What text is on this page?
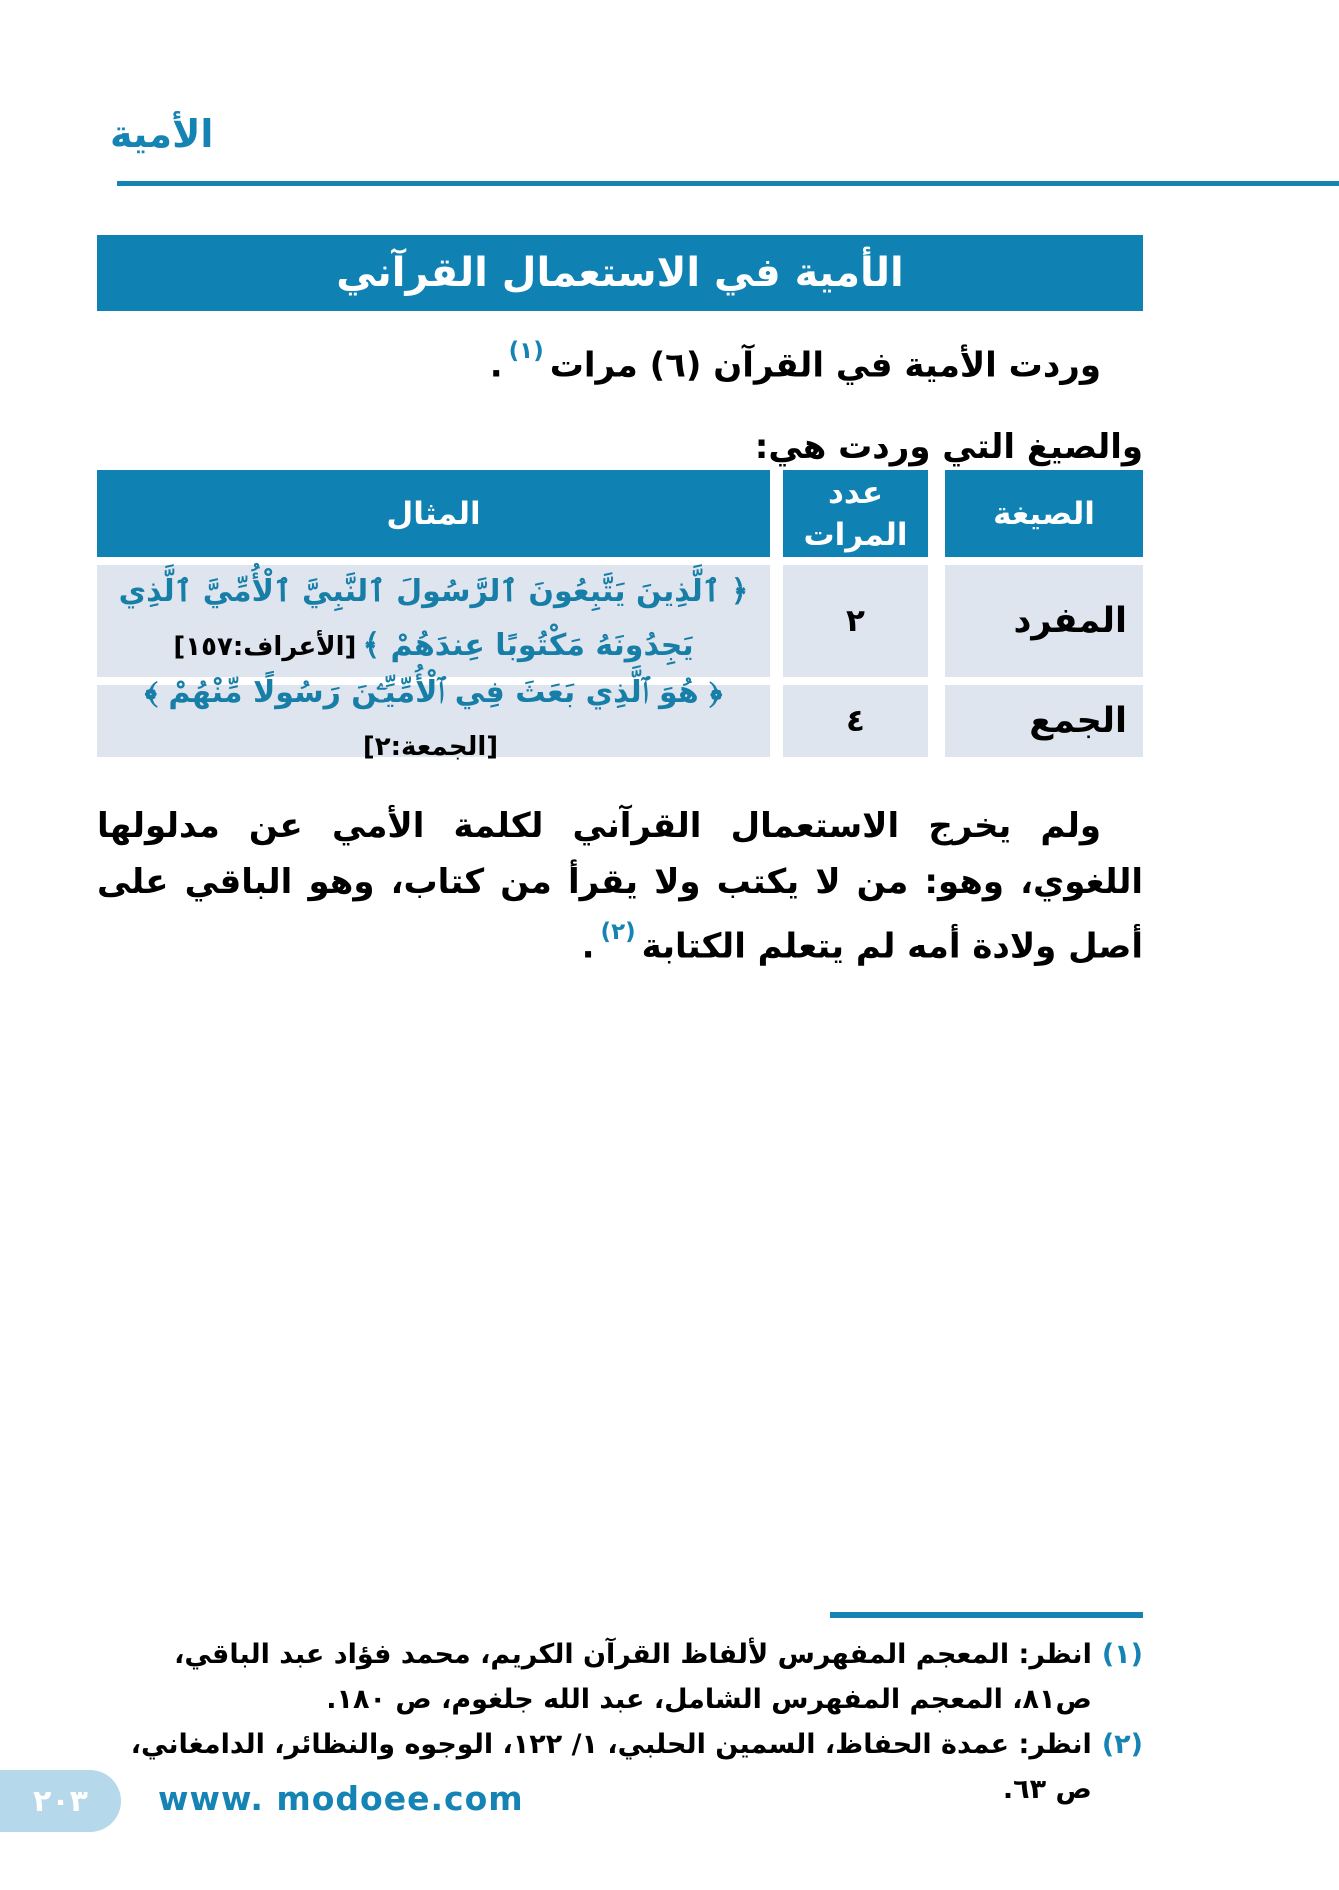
الأمية
الأمية في الاستعمال القرآني
وردت الأمية في القرآن (٦) مرات$^{(١)}$.
والصيغ التي وردت هي:
الصيغة
عدد المرات
المثال
المفرد
٢
﴿ ٱلَّذِينَ يَتَّبِعُونَ ٱلرَّسُولَ ٱلنَّبِيَّ ٱلْأُمِّيَّ ٱلَّذِي يَجِدُونَهُ مَكْتُوبًا عِندَهُمْ ﴾[الأعراف:١٥٧]
الجمع
٤
﴿ هُوَ ٱلَّذِي بَعَثَ فِي ٱلْأُمِّيِّـۧنَ رَسُولًا مِّنْهُمْ ﴾[الجمعة:٢]
ولم يخرج الاستعمال القرآني لكلمة الأمي عن مدلولها اللغوي، وهو: من لا يكتب ولا يقرأ من كتاب، وهو الباقي على أصل ولادة أمه لم يتعلم الكتابة$^{(٢)}$.
(١)
انظر: المعجم المفهرس لألفاظ القرآن الكريم، محمد فؤاد عبد الباقي، ص٨١، المعجم المفهرس الشامل، عبد الله جلغوم، ص ١٨٠.
(٢)
انظر: عمدة الحفاظ، السمين الحلبي، ١/ ١٢٢، الوجوه والنظائر، الدامغاني، ص ٦٣.
٢٠٣ www. modoee.com
